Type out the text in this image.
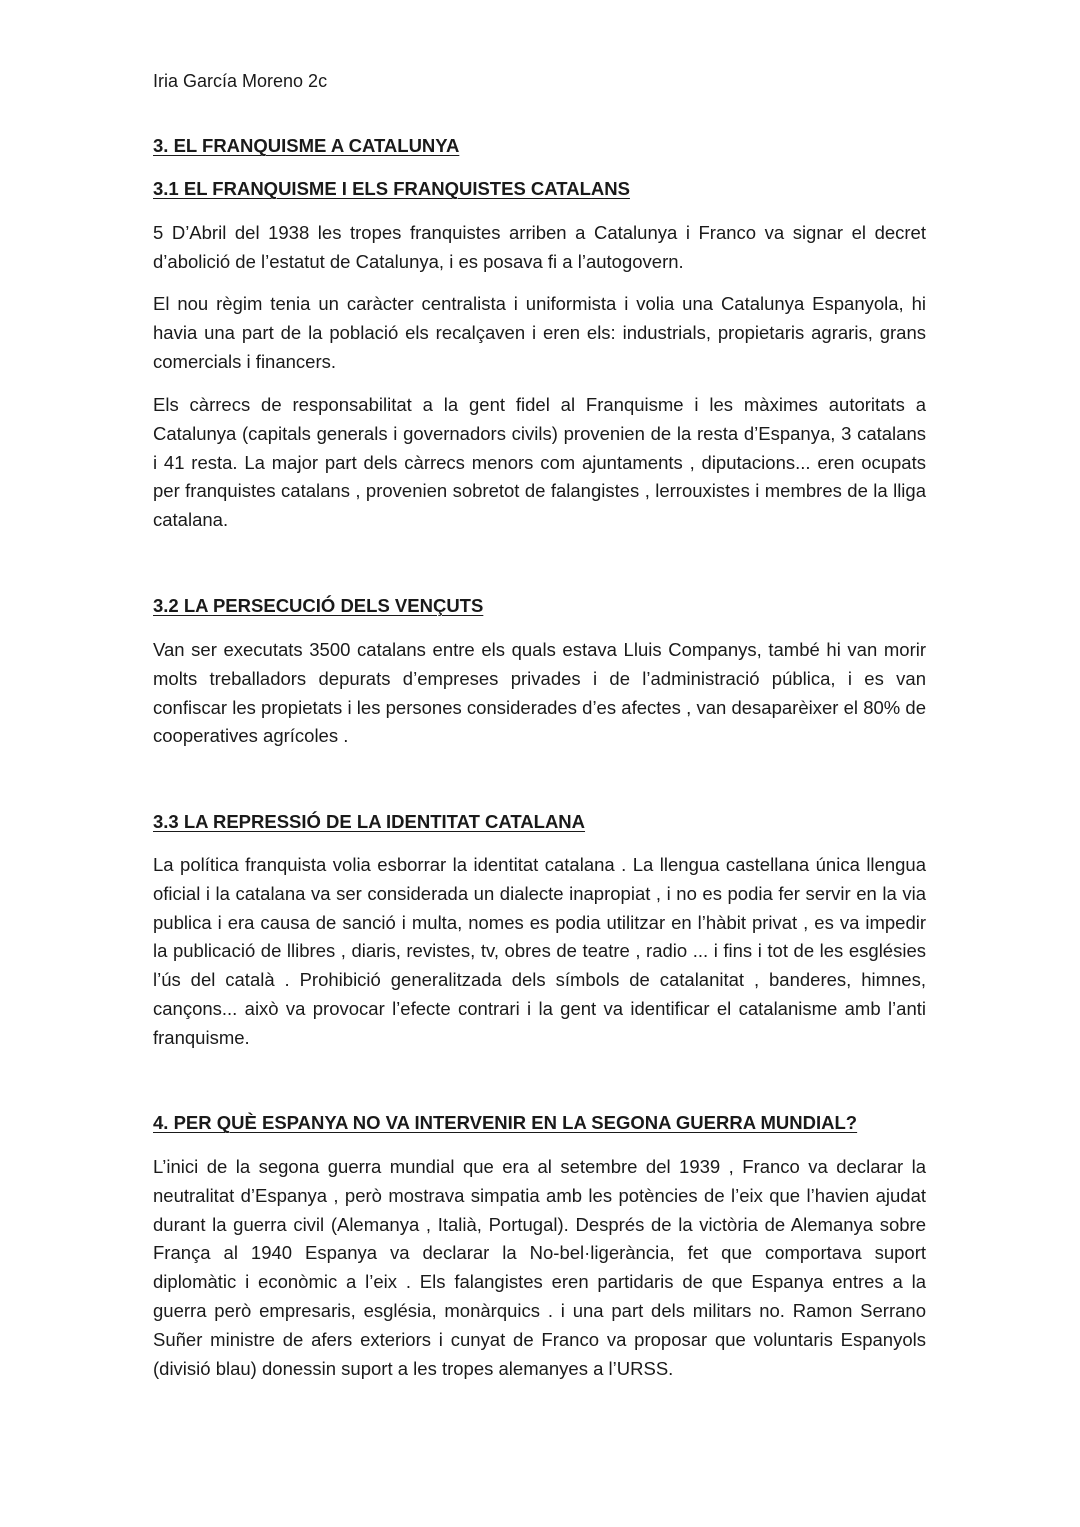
Iria García Moreno 2c

3. EL FRANQUISME A CATALUNYA
3.1 EL FRANQUISME I ELS FRANQUISTES CATALANS

5 D’Abril del 1938 les tropes franquistes arriben a Catalunya i Franco va signar el decret d’abolició de l’estatut de Catalunya, i es posava fi a l’autogovern.

El nou règim tenia un caràcter centralista i uniformista i volia una Catalunya Espanyola, hi havia una part de la població els recalçaven i eren els: industrials, propietaris agraris, grans comercials i financers.

Els càrrecs de responsabilitat a la gent fidel al Franquisme i les màximes autoritats a Catalunya (capitals generals i governadors civils) provenien de la resta d’Espanya, 3 catalans i 41 resta. La major part dels càrrecs menors com ajuntaments , diputacions... eren ocupats per franquistes catalans , provenien sobretot de falangistes , lerrouxistes i membres de la lliga catalana.

3.2 LA PERSECUCIÓ DELS VENÇUTS

Van ser executats 3500 catalans entre els quals estava Lluis Companys, també hi van morir molts treballadors depurats d’empreses privades i de l’administració pública, i es van confiscar les propietats i les persones considerades d’es afectes , van desaparèixer el 80% de cooperatives agrícoles .

3.3 LA REPRESSIÓ DE LA IDENTITAT CATALANA

La política franquista volia esborrar la identitat catalana . La llengua castellana única llengua oficial i la catalana va ser considerada un dialecte inapropiat , i no es podia fer servir en la via publica i era causa de sanció i multa, nomes es podia utilitzar en l’hàbit privat , es va impedir la publicació de llibres , diaris, revistes, tv, obres de teatre , radio ... i fins i tot de les esglésies l’ús del català . Prohibició generalitzada dels símbols de catalanitat , banderes, himnes, cançons... això va provocar l’efecte contrari i la gent va identificar el catalanisme amb l’anti franquisme.

4. PER QUÈ ESPANYA NO VA INTERVENIR EN LA SEGONA GUERRA MUNDIAL?

L’inici de la segona guerra mundial que era al setembre del 1939 , Franco va declarar la neutralitat d’Espanya , però mostrava simpatia amb les potències de l’eix que l’havien ajudat durant la guerra civil (Alemanya , Italià, Portugal). Després de la victòria de Alemanya sobre França al 1940 Espanya va declarar la No-bel·ligerància, fet que comportava suport diplomàtic i econòmic a l’eix . Els falangistes eren partidaris de que Espanya entres a la guerra però empresaris, església, monàrquics . i una part dels militars no. Ramon Serrano Suñer ministre de afers exteriors i cunyat de Franco va proposar que voluntaris Espanyols (divisió blau) donessin suport a les tropes alemanyes a l’URSS.
